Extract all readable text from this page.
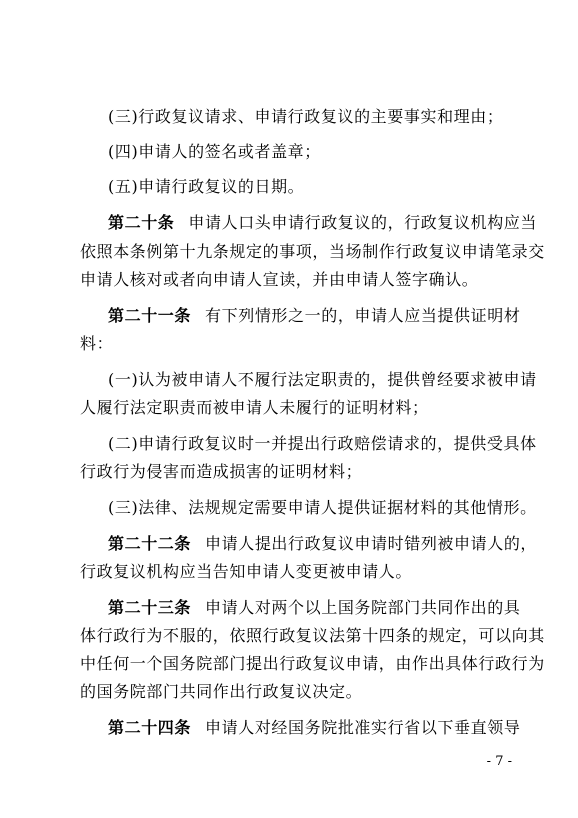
(三)行政复议请求、申请行政复议的主要事实和理由；
(四)申请人的签名或者盖章；
(五)申请行政复议的日期。
第二十条 申请人口头申请行政复议的，行政复议机构应当
依照本条例第十九条规定的事项，当场制作行政复议申请笔录交
申请人核对或者向申请人宣读，并由申请人签字确认。
第二十一条 有下列情形之一的，申请人应当提供证明材
料：
(一)认为被申请人不履行法定职责的，提供曾经要求被申请
人履行法定职责而被申请人未履行的证明材料；
(二)申请行政复议时一并提出行政赔偿请求的，提供受具体
行政行为侵害而造成损害的证明材料；
(三)法律、法规规定需要申请人提供证据材料的其他情形。
第二十二条 申请人提出行政复议申请时错列被申请人的，
行政复议机构应当告知申请人变更被申请人。
第二十三条 申请人对两个以上国务院部门共同作出的具
体行政行为不服的，依照行政复议法第十四条的规定，可以向其
中任何一个国务院部门提出行政复议申请，由作出具体行政行为
的国务院部门共同作出行政复议决定。
第二十四条 申请人对经国务院批准实行省以下垂直领导
- 7 -
